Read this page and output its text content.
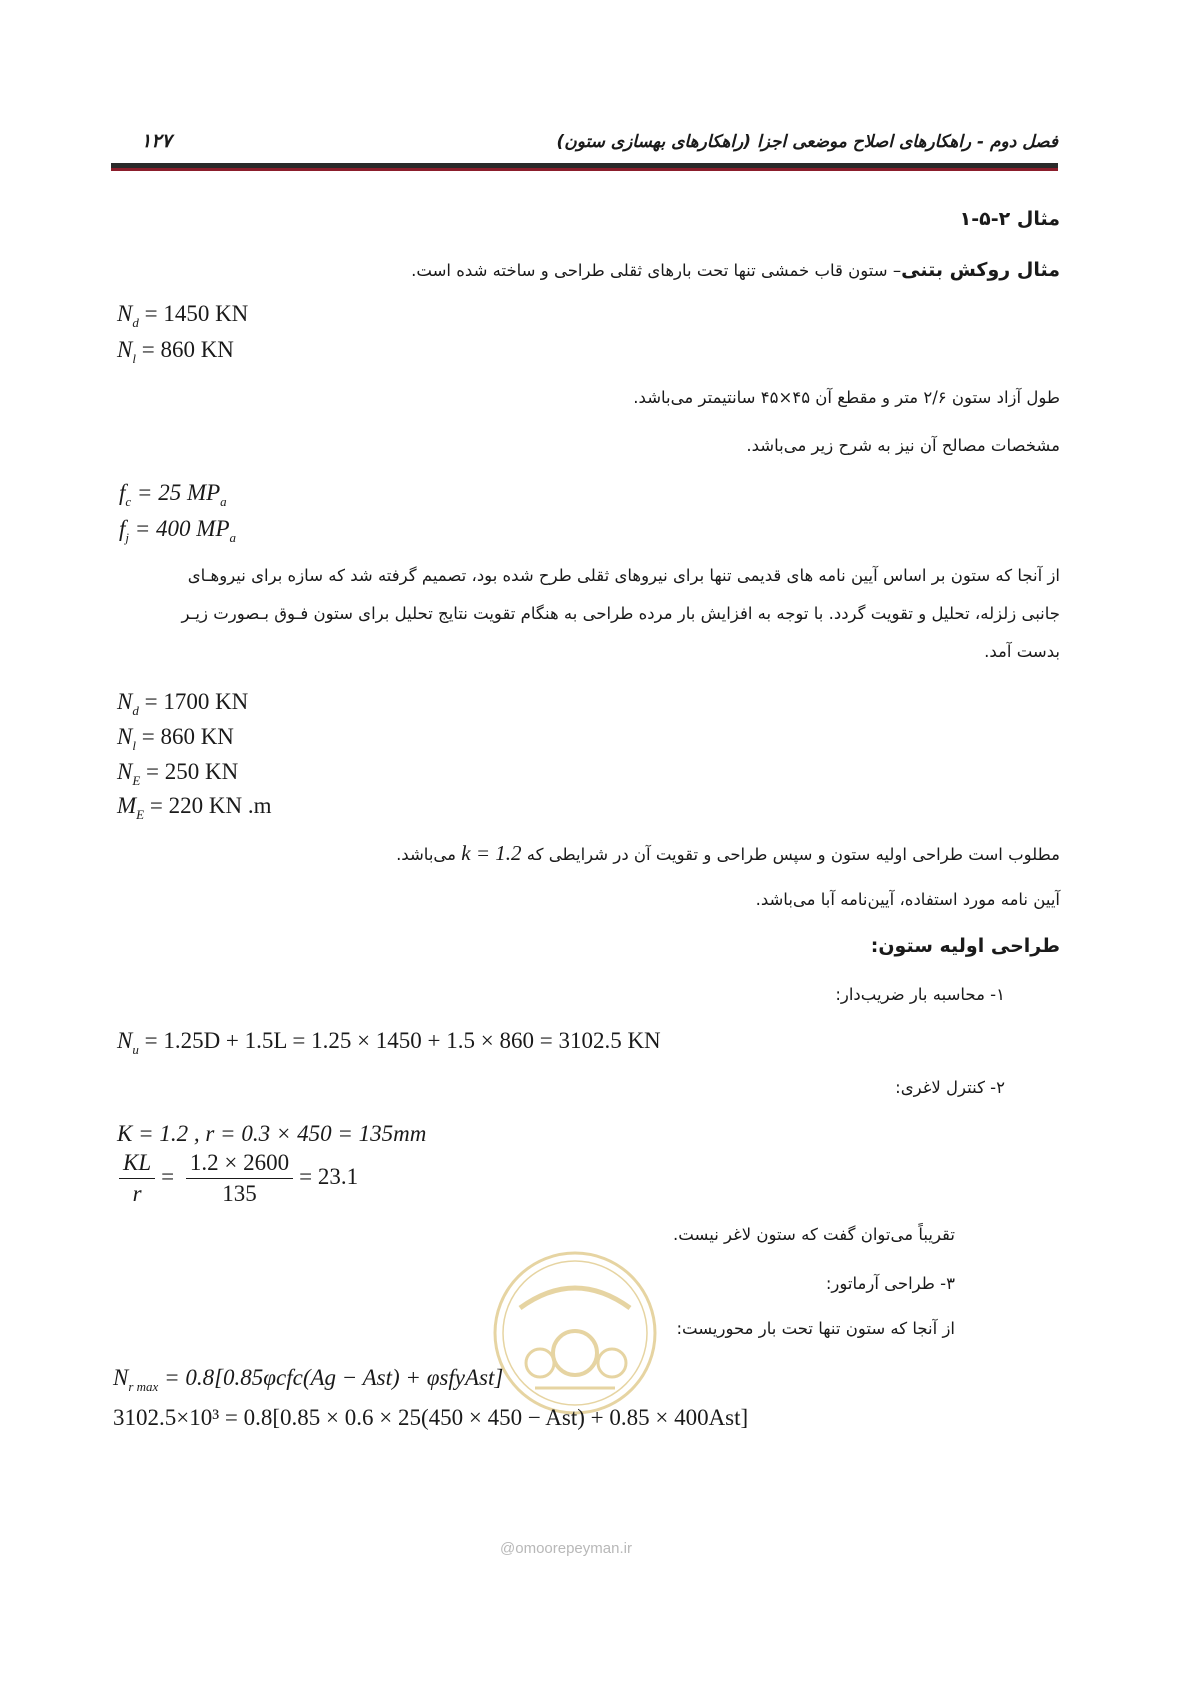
فصل دوم - راهکارهای اصلاح موضعی اجزا (راهکارهای بهسازی ستون)
۱۲۷
مثال ۲-۵-۱
مثال روکش بتنی– ستون قاب خمشی تنها تحت بارهای ثقلی طراحی و ساخته شده است.
$N_d = 1450$ KN
$N_l = 860$ KN
طول آزاد ستون ۲/۶ متر و مقطع آن ۴۵×۴۵ سانتیمتر می‌باشد.
مشخصات مصالح آن نیز به شرح زیر می‌باشد.
$f_c = 25$ $MP_a$
$f_j = 400$ $MP_a$
از آنجا که ستون بر اساس آیین نامه های قدیمی تنها برای نیروهای ثقلی طرح شده بود، تصمیم گرفته شد که سازه برای نیروهـای
جانبی زلزله، تحلیل و تقویت گردد. با توجه به افزایش بار مرده طراحی به هنگام تقویت نتایج تحلیل برای ستون فـوق بـصورت زیـر
بدست آمد.
$N_d = 1700$ KN
$N_l = 860$ KN
$N_E = 250$ KN
$M_E = 220$ KN .m
مطلوب است طراحی اولیه ستون و سپس طراحی و تقویت آن در شرایطی که k = 1.2 می‌باشد.
آیین نامه مورد استفاده، آیین‌نامه آبا می‌باشد.
طراحی اولیه ستون:
۱- محاسبه بار ضریب‌دار:
$N_u = 1.25D + 1.5L = 1.25 \times 1450 + 1.5 \times 860 = 3102.5$ KN
۲- کنترل لاغری:
K = 1.2 , r = 0.3 × 450 = 135mm
$\frac{KL}{r} = \frac{1.2 \times 2600}{135} = 23.1$
تقریباً می‌توان گفت که ستون لاغر نیست.
۳- طراحی آرماتور:
از آنجا که ستون تنها تحت بار محوریست:
$N_{r max} = 0.8[0.85\varphi cfc(Ag - Ast)$ + φsfyAst]
3102.5×10³ = 0.8[0.85 × 0.6 × 25(450 × 450 − Ast) + 0.85 × 400Ast]
@omoorepeyman.ir
